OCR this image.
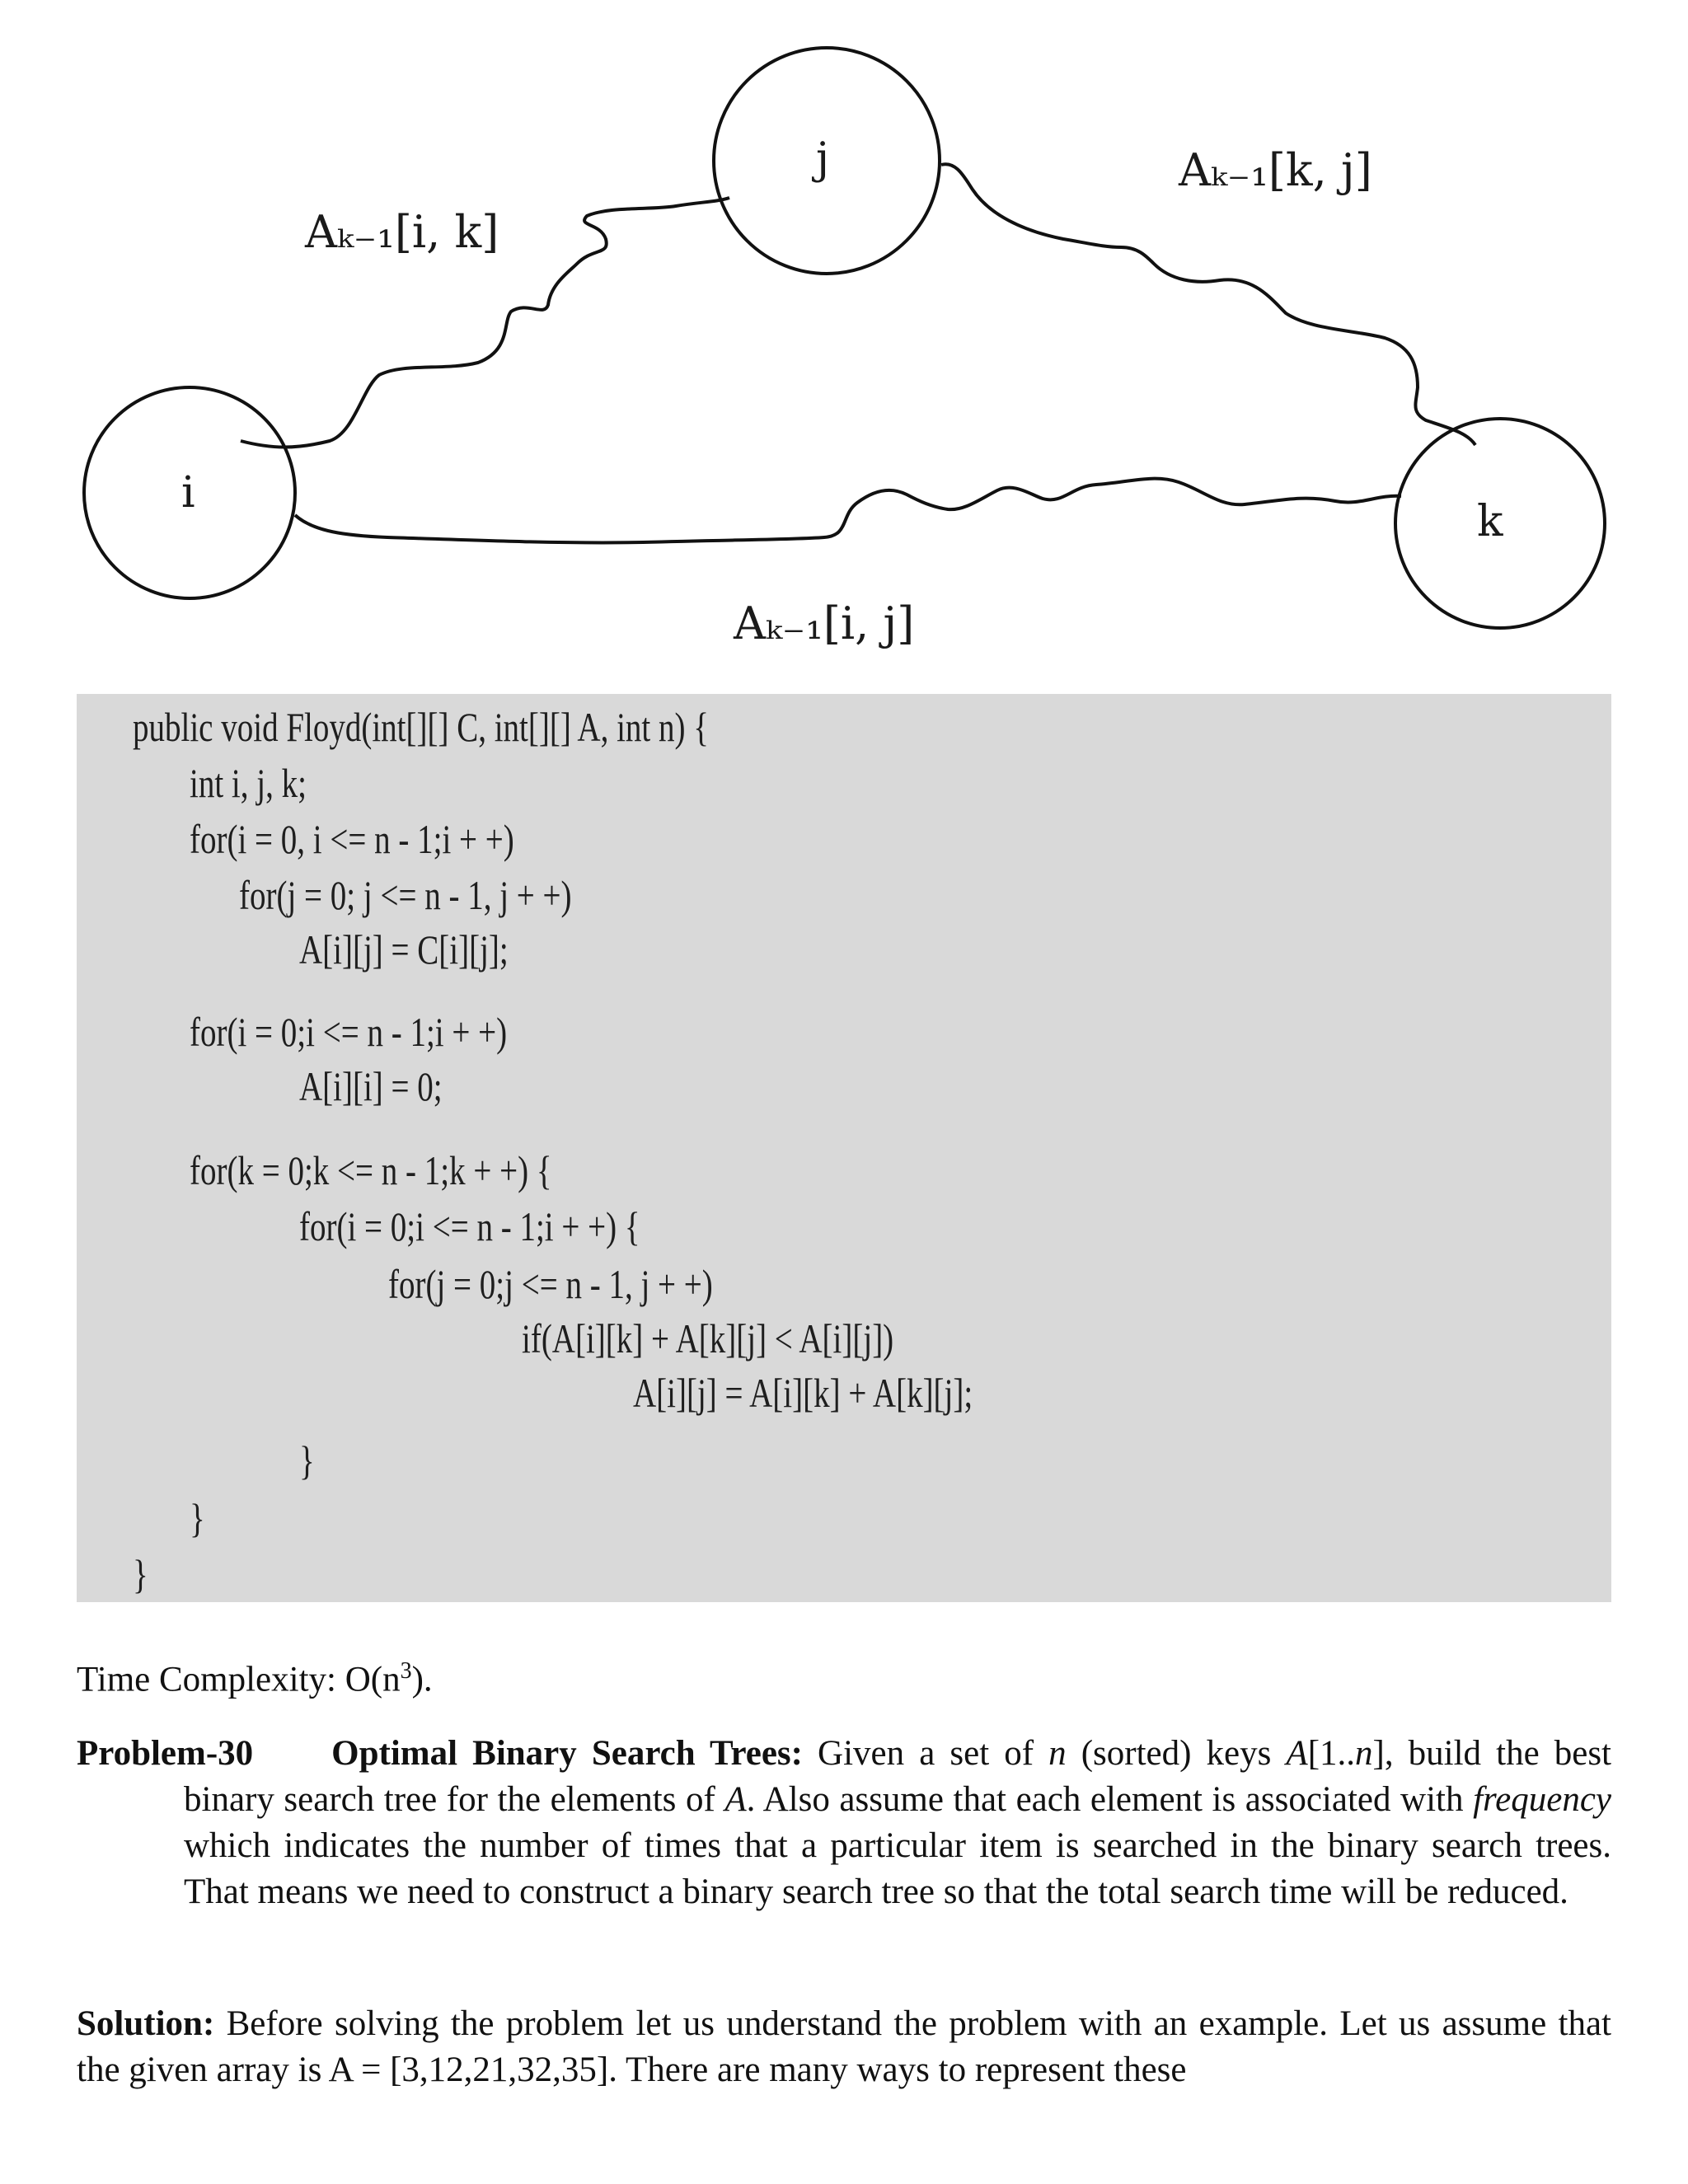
i
j
k
Aₖ₋₁[i, k]
Aₖ₋₁[k, j]
Aₖ₋₁[i, j]
public void Floyd(int[][] C, int[][] A, int n) {
int i, j, k;
for(i = 0, i <= n - 1;i + +)
for(j = 0; j <= n - 1, j + +)
A[i][j] = C[i][j];
for(i = 0;i <= n - 1;i + +)
A[i][i] = 0;
for(k = 0;k <= n - 1;k + +) {
for(i = 0;i <= n - 1;i + +) {
for(j = 0;j <= n - 1, j + +)
if(A[i][k] + A[k][j] < A[i][j])
A[i][j] = A[i][k] + A[k][j];
}
}
}
Time Complexity: $O(n^3)$.
Problem-30 Optimal Binary Search Trees: Given a set of n (sorted) keys A[1..n], build the best binary search tree for the elements of A. Also assume that each element is associated with frequency which indicates the number of times that a particular item is searched in the binary search trees. That means we need to construct a binary search tree so that the total search time will be reduced.
Solution: Before solving the problem let us understand the problem with an example. Let us assume that the given array is A = [3,12,21,32,35]. There are many ways to represent these
